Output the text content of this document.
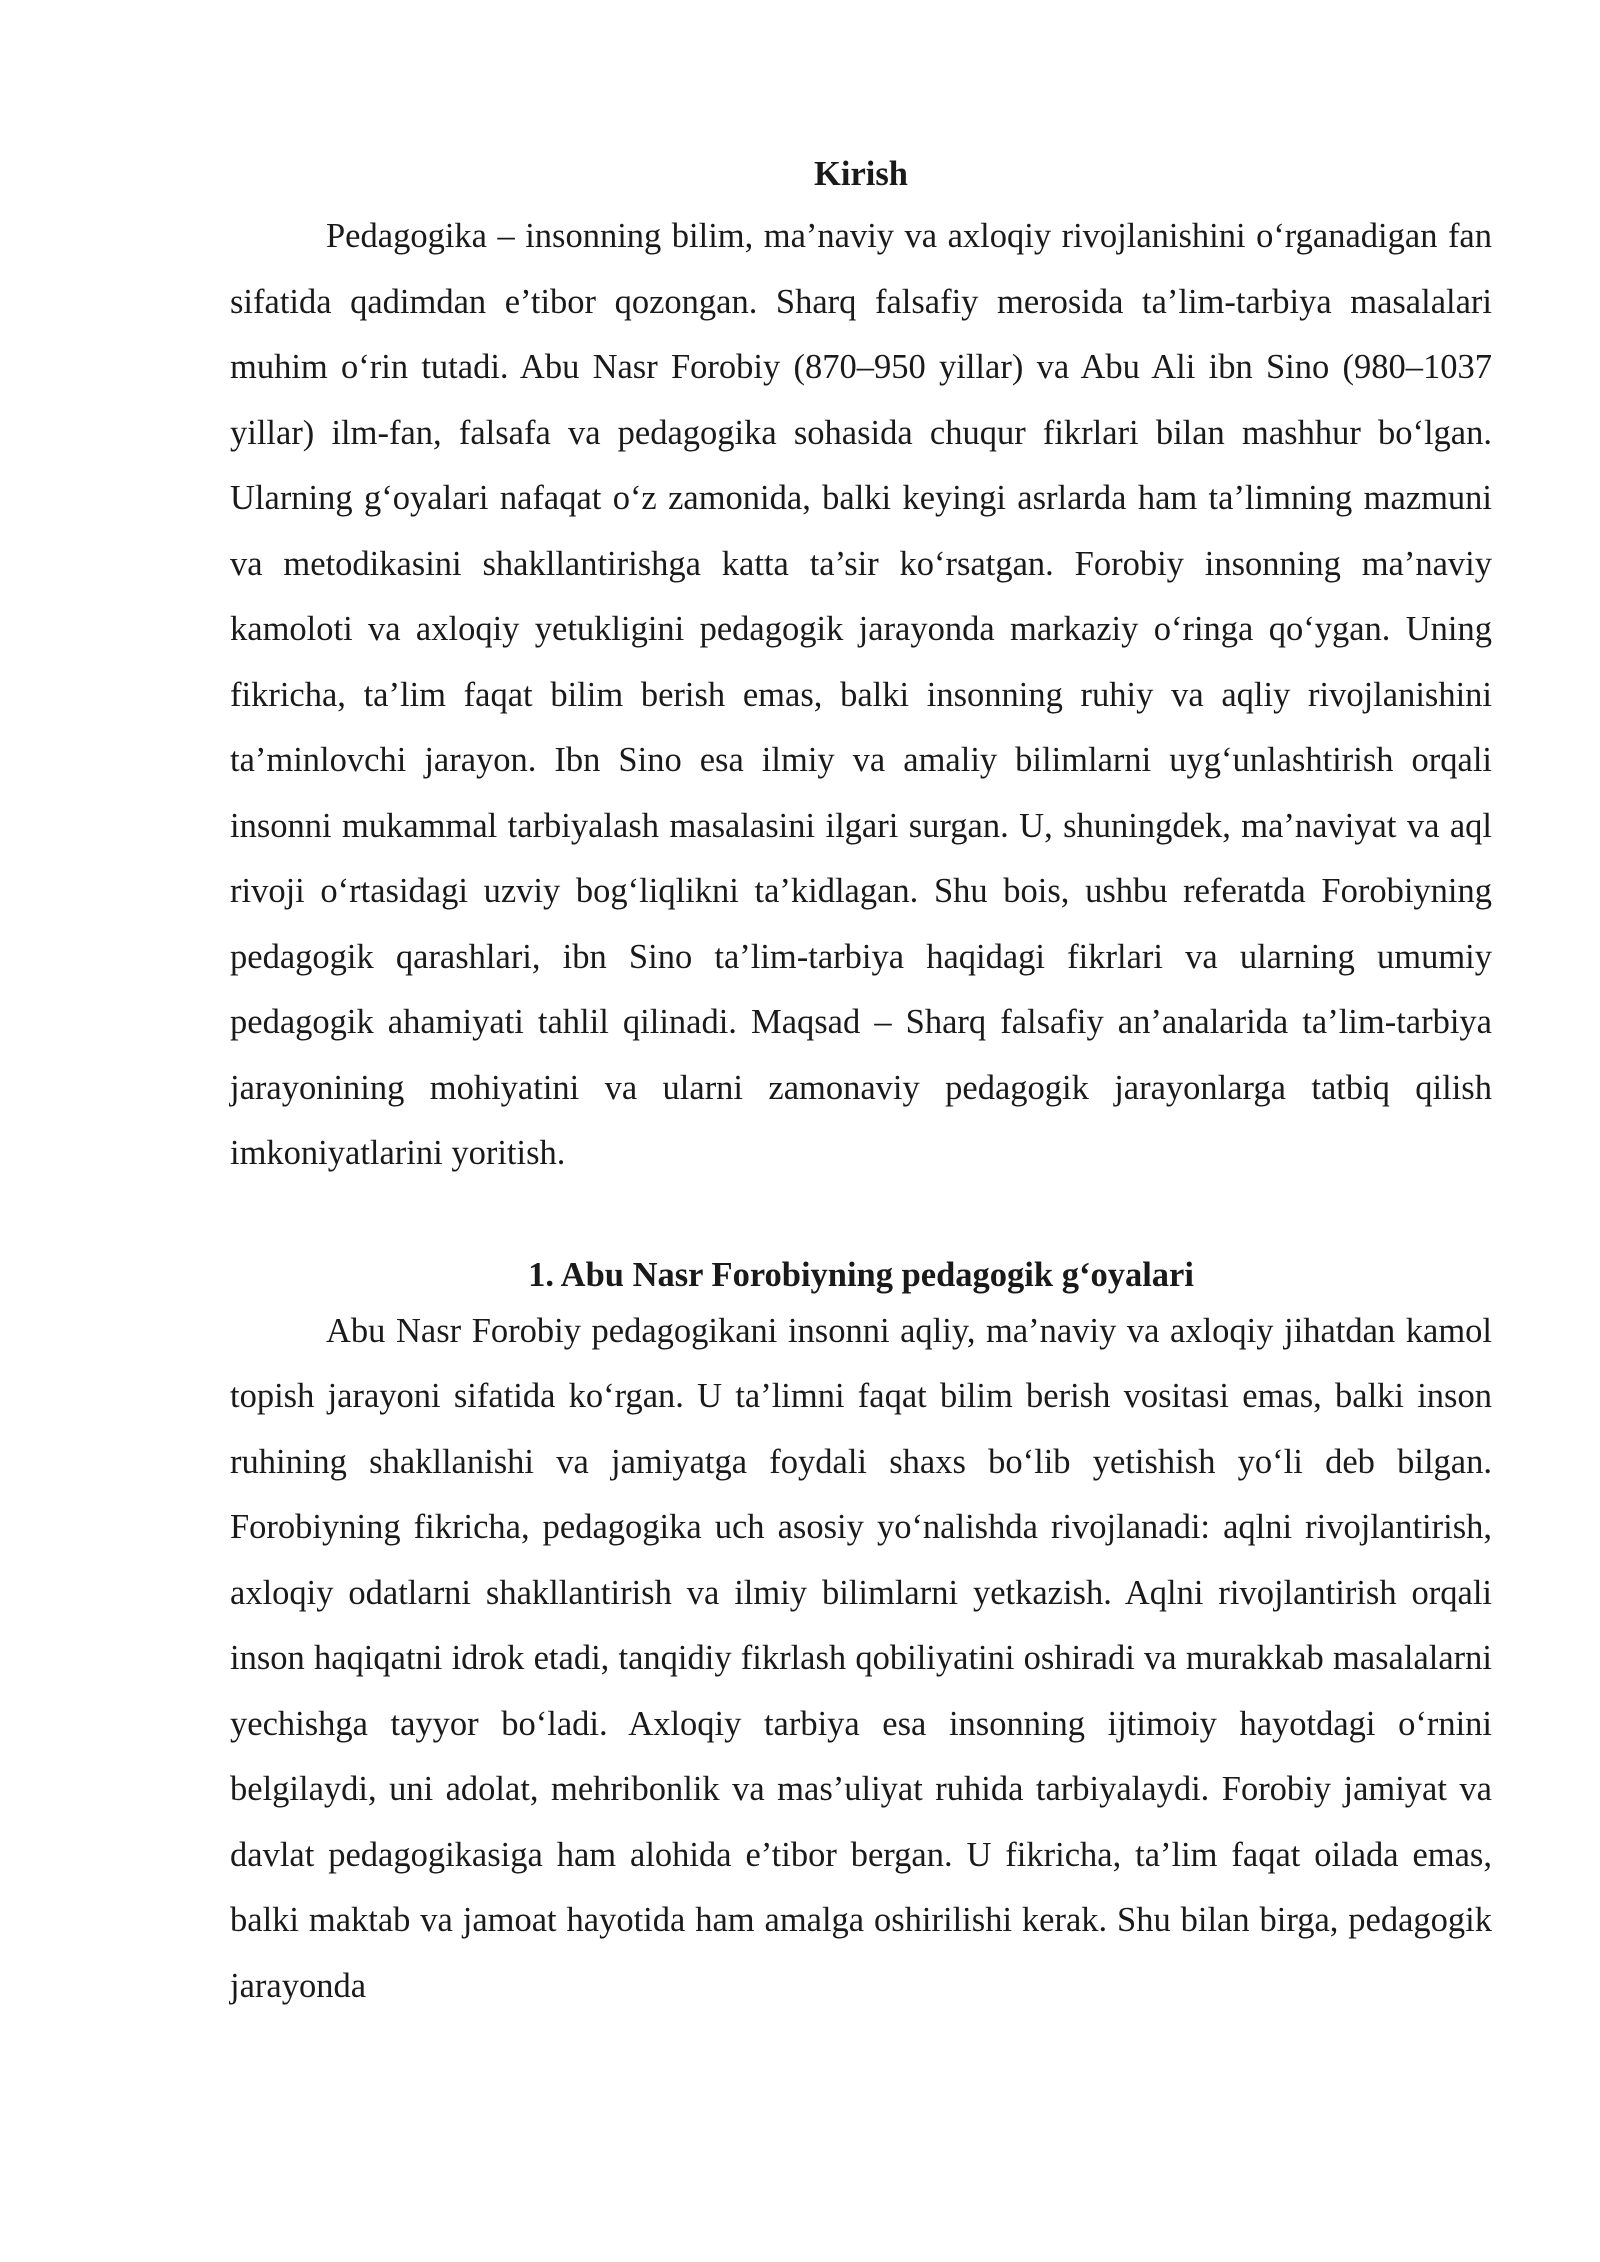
Kirish

Pedagogika – insonning bilim, ma’naviy va axloqiy rivojlanishini o‘rganadigan fan sifatida qadimdan e’tibor qozongan. Sharq falsafiy merosida ta’lim-tarbiya masalalari muhim o‘rin tutadi. Abu Nasr Forobiy (870–950 yillar) va Abu Ali ibn Sino (980–1037 yillar) ilm-fan, falsafa va pedagogika sohasida chuqur fikrlari bilan mashhur bo‘lgan. Ularning g‘oyalari nafaqat o‘z zamonida, balki keyingi asrlarda ham ta’limning mazmuni va metodikasini shakllantirishga katta ta’sir ko‘rsatgan. Forobiy insonning ma’naviy kamoloti va axloqiy yetukligini pedagogik jarayonda markaziy o‘ringa qo‘ygan. Uning fikricha, ta’lim faqat bilim berish emas, balki insonning ruhiy va aqliy rivojlanishini ta’minlovchi jarayon. Ibn Sino esa ilmiy va amaliy bilimlarni uyg‘unlashtirish orqali insonni mukammal tarbiyalash masalasini ilgari surgan. U, shuningdek, ma’naviyat va aql rivoji o‘rtasidagi uzviy bog‘liqlikni ta’kidlagan. Shu bois, ushbu referatda Forobiyning pedagogik qarashlari, ibn Sino ta’lim-tarbiya haqidagi fikrlari va ularning umumiy pedagogik ahamiyati tahlil qilinadi. Maqsad – Sharq falsafiy an’analarida ta’lim-tarbiya jarayonining mohiyatini va ularni zamonaviy pedagogik jarayonlarga tatbiq qilish imkoniyatlarini yoritish.

1. Abu Nasr Forobiyning pedagogik g‘oyalari

Abu Nasr Forobiy pedagogikani insonni aqliy, ma’naviy va axloqiy jihatdan kamol topish jarayoni sifatida ko‘rgan. U ta’limni faqat bilim berish vositasi emas, balki inson ruhining shakllanishi va jamiyatga foydali shaxs bo‘lib yetishish yo‘li deb bilgan. Forobiyning fikricha, pedagogika uch asosiy yo‘nalishda rivojlanadi: aqlni rivojlantirish, axloqiy odatlarni shakllantirish va ilmiy bilimlarni yetkazish. Aqlni rivojlantirish orqali inson haqiqatni idrok etadi, tanqidiy fikrlash qobiliyatini oshiradi va murakkab masalalarni yechishga tayyor bo‘ladi. Axloqiy tarbiya esa insonning ijtimoiy hayotdagi o‘rnini belgilaydi, uni adolat, mehribonlik va mas’uliyat ruhida tarbiyalaydi. Forobiy jamiyat va davlat pedagogikasiga ham alohida e’tibor bergan. U fikricha, ta’lim faqat oilada emas, balki maktab va jamoat hayotida ham amalga oshirilishi kerak. Shu bilan birga, pedagogik jarayonda
